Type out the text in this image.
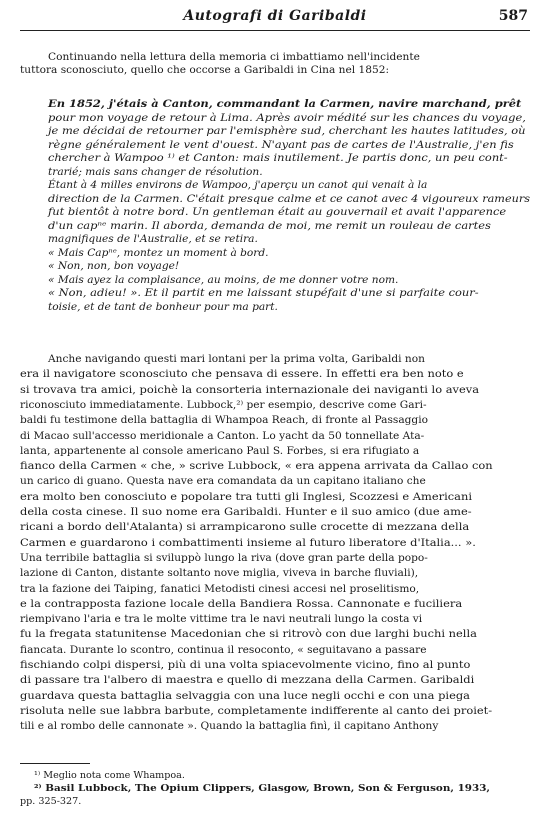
Autografi di Garibaldi	587
Continuando nella lettura della memoria ci imbattiamo nell'incidente
tuttora sconosciuto, quello che occorse a Garibaldi in Cina nel 1852:
En 1852, j'étais à Canton, commandant la Carmen, navire marchand, prêt
pour mon voyage de retour à Lima. Après avoir médité sur les chances du voyage,
je me décidai de retourner par l'emisphère sud, cherchant les hautes latitudes, où
règne généralement le vent d'ouest. N'ayant pas de cartes de l'Australie, j'en fis
chercher à Wampoo ¹⁾ et Canton: mais inutilement. Je partis donc, un peu cont-
trarié; mais sans changer de résolution.
Étant à 4 milles environs de Wampoo, j'aperçu un canot qui venait à la
direction de la Carmen. C'était presque calme et ce canot avec 4 vigoureux rameurs
fut bientôt à notre bord. Un gentleman était au gouvernail et avait l'apparence
d'un capⁿᵉ marin. Il aborda, demanda de moi, me remit un rouleau de cartes
magnifiques de l'Australie, et se retira.
« Mais Capⁿᵉ, montez un moment à bord.
« Non, non, bon voyage!
« Mais ayez la complaisance, au moins, de me donner votre nom.
« Non, adieu! ». Et il partit en me laissant stupéfait d'une si parfaite cour-
toisie, et de tant de bonheur pour ma part.
Anche navigando questi mari lontani per la prima volta, Garibaldi non
era il navigatore sconosciuto che pensava di essere. In effetti era ben noto e
si trovava tra amici, poichè la consorteria internazionale dei naviganti lo aveva
riconosciuto immediatamente. Lubbock,²⁾ per esempio, descrive come Gari-
baldi fu testimone della battaglia di Whampoa Reach, di fronte al Passaggio
di Macao sull'accesso meridionale a Canton. Lo yacht da 50 tonnellate Ata-
lanta, appartenente al console americano Paul S. Forbes, si era rifugiato a
fianco della Carmen « che, » scrive Lubbock, « era appena arrivata da Callao con
un carico di guano. Questa nave era comandata da un capitano italiano che
era molto ben conosciuto e popolare tra tutti gli Inglesi, Scozzesi e Americani
della costa cinese. Il suo nome era Garibaldi. Hunter e il suo amico (due ame-
ricani a bordo dell'Atalanta) si arrampicarono sulle crocette di mezzana della
Carmen e guardarono i combattimenti insieme al futuro liberatore d'Italia... ».
Una terribile battaglia si sviluppò lungo la riva (dove gran parte della popo-
lazione di Canton, distante soltanto nove miglia, viveva in barche fluviali),
tra la fazione dei Taiping, fanatici Metodisti cinesi accesi nel proselitismo,
e la contrapposta fazione locale della Bandiera Rossa. Cannonate e fuciliera
riempivano l'aria e tra le molte vittime tra le navi neutrali lungo la costa vi
fu la fregata statunitense Macedonian che si ritrovò con due larghi buchi nella
fiancata. Durante lo scontro, continua il resoconto, « seguitavano a passare
fischiando colpi dispersi, più di una volta spiacevolmente vicino, fino al punto
di passare tra l'albero di maestra e quello di mezzana della Carmen. Garibaldi
guardava questa battaglia selvaggia con una luce negli occhi e con una piega
risoluta nelle sue labbra barbute, completamente indifferente al canto dei proiet-
tili e al rombo delle cannonate ». Quando la battaglia finì, il capitano Anthony
¹⁾ Meglio nota come Whampoa.
²⁾ Basil Lubbock, The Opium Clippers, Glasgow, Brown, Son & Ferguson, 1933,
pp. 325-327.
